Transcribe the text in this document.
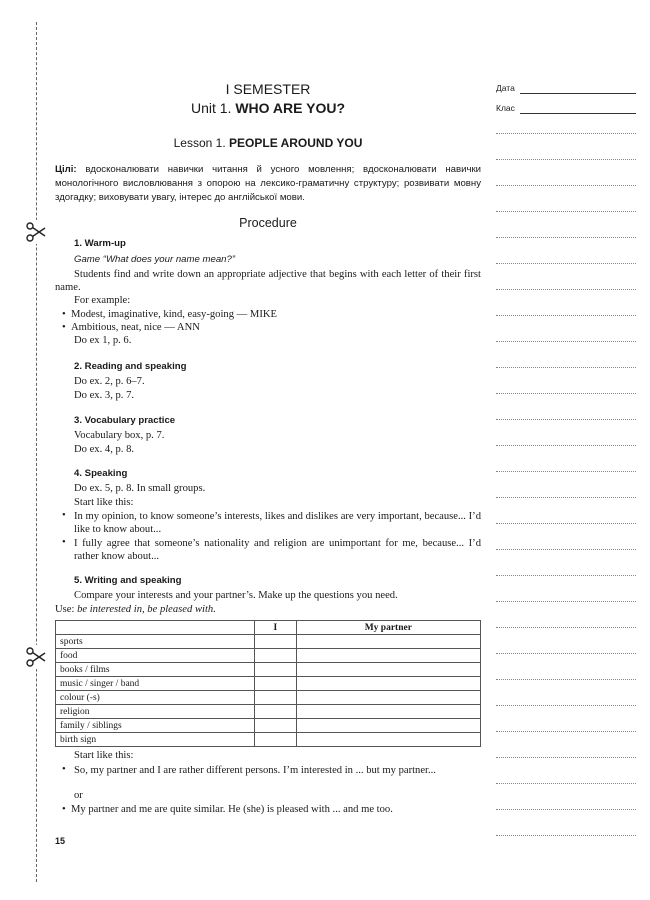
I SEMESTER
Unit 1. WHO ARE YOU?
Lesson 1. PEOPLE AROUND YOU
Цілі: вдосконалювати навички читання й усного мовлення; вдосконалювати навички монологічного висловлювання з опорою на лексико-граматичну структуру; розвивати мовну здогадку; виховувати увагу, інтерес до англійської мови.
Procedure
1. Warm-up
Game “What does your name mean?”
Students find and write down an appropriate adjective that begins with each letter of their first name.
For example:
•  Modest, imaginative, kind, easy-going — MIKE
•  Ambitious, neat, nice — ANN
Do ex 1, p. 6.
2. Reading and speaking
Do ex. 2, p. 6–7.
Do ex. 3, p. 7.
3. Vocabulary practice
Vocabulary box, p. 7.
Do ex. 4, p. 8.
4. Speaking
Do ex. 5, p. 8. In small groups.
Start like this:
• In my opinion, to know someone’s interests, likes and dislikes are very important, because... I’d like to know about...
• I fully agree that someone’s nationality and religion are unimportant for me, because... I’d rather know about...
5. Writing and speaking
Compare your interests and your partner’s. Make up the questions you need.
Use: be interested in, be pleased with.
	I	My partner
sports		
food		
books / films		
music / singer / band		
colour (-s)		
religion		
family / siblings		
birth sign		
Start like this:
• So, my partner and I are rather different persons. I’m interested in ... but my partner...
or
•  My partner and me are quite similar. He (she) is pleased with ... and me too.
15
Дата
Клас
